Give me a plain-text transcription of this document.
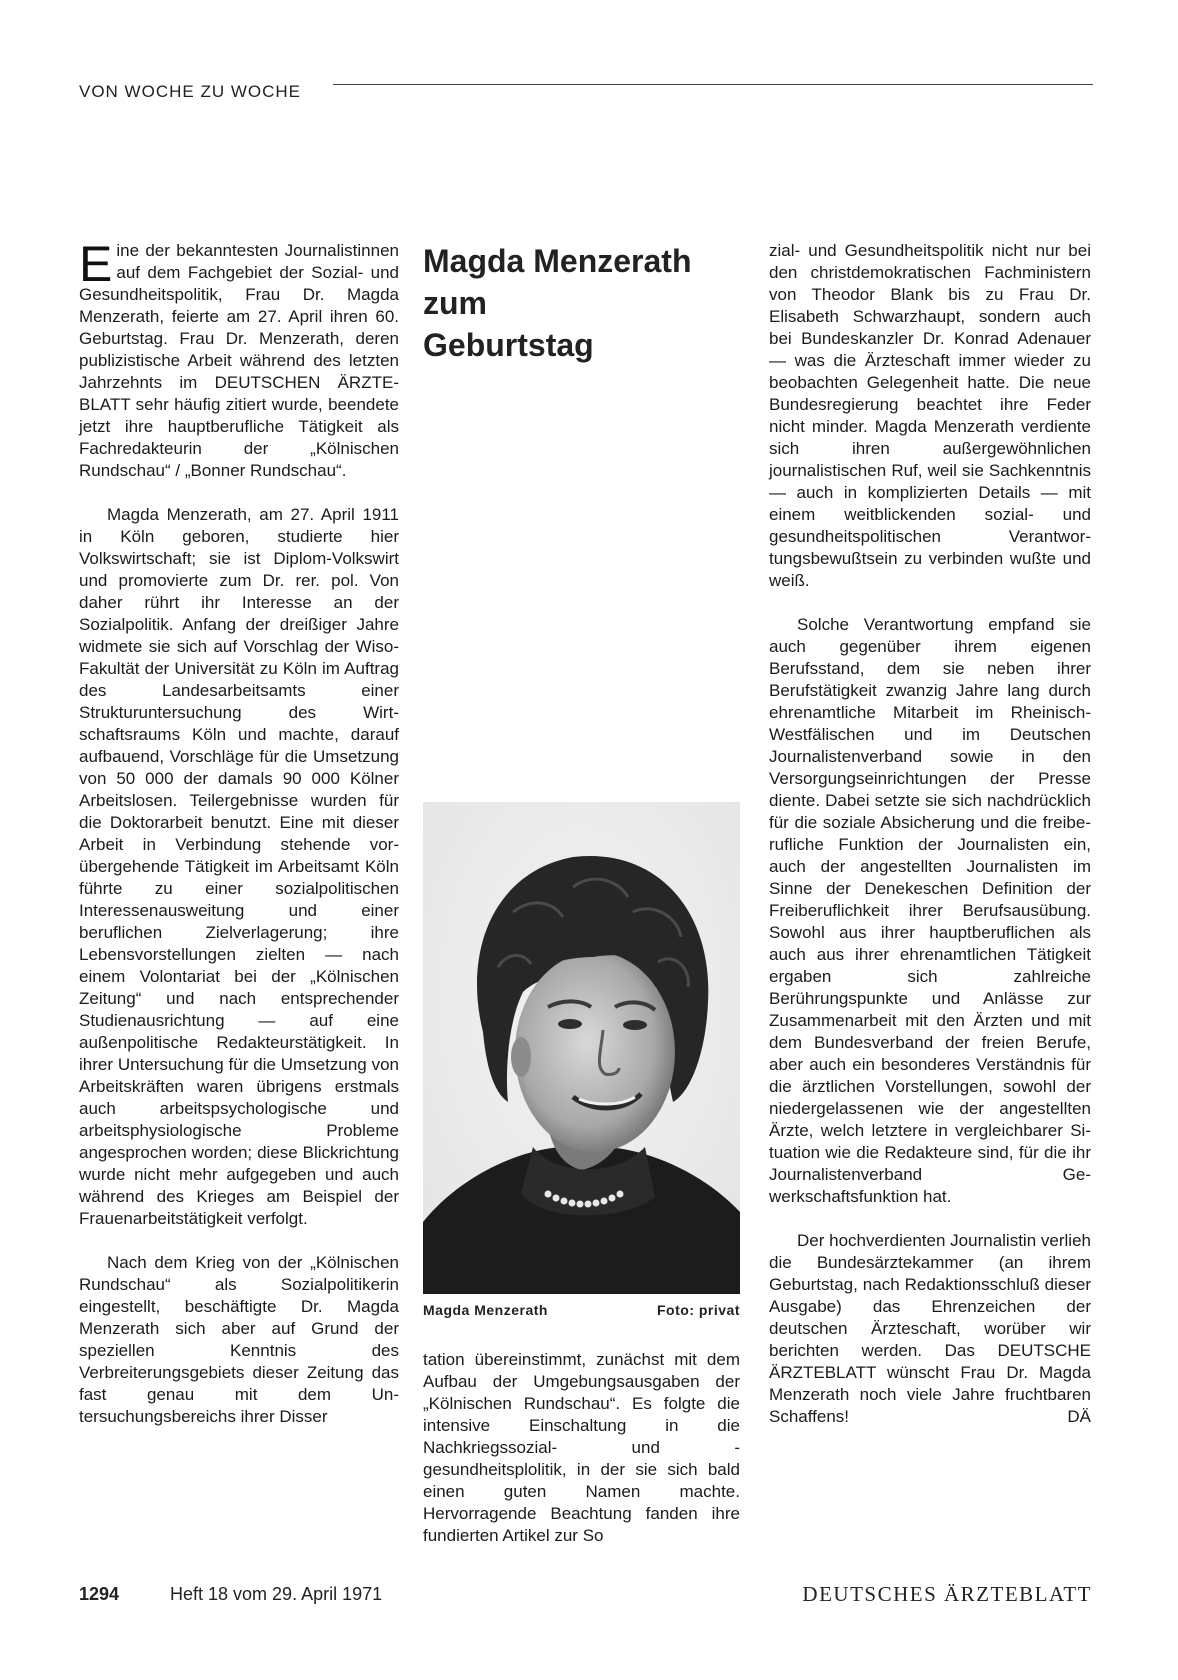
VON WOCHE ZU WOCHE

Eine der bekanntesten Journalistinnen auf dem Fachgebiet der Sozial- und Gesundheitspolitik, Frau Dr. Magda Menzerath, feierte am 27. April ihren 60. Geburtstag. Frau Dr. Menzerath, deren publizistische Arbeit während des letzten Jahrzehnts im DEUTSCHEN ÄRZTEBLATT sehr häufig zitiert wurde, beendete jetzt ihre hauptberufliche Tätigkeit als Fachredakteurin der „Kölnischen Rundschau“ / „Bonner Rundschau“.

Magda Menzerath, am 27. April 1911 in Köln geboren, studierte hier Volkswirtschaft; sie ist Diplom-Volkswirt und promovierte zum Dr. rer. pol. Von daher rührt ihr Interesse an der Sozialpolitik. Anfang der dreißiger Jahre widmete sie sich auf Vorschlag der Wiso-Fakultät der Universität zu Köln im Auftrag des Landesarbeitsamts einer Strukturuntersuchung des Wirtschaftsraums Köln und machte, darauf aufbauend, Vorschläge für die Umsetzung von 50 000 der damals 90 000 Kölner Arbeitslosen. Teilergebnisse wurden für die Doktorarbeit benutzt. Eine mit dieser Arbeit in Verbindung stehende vorübergehende Tätigkeit im Arbeitsamt Köln führte zu einer sozialpolitischen Interessenausweitung und einer beruflichen Zielverlagerung; ihre Lebensvorstellungen zielten — nach einem Volontariat bei der „Kölnischen Zeitung“ und nach entsprechender Studienausrichtung — auf eine außenpolitische Redakteurstätigkeit. In ihrer Untersuchung für die Umsetzung von Arbeitskräften waren übrigens erstmals auch arbeitspsychologische und arbeitsphysiologische Probleme angesprochen worden; diese Blickrichtung wurde nicht mehr aufgegeben und auch während des Krieges am Beispiel der Frauenarbeitstätigkeit verfolgt.

Nach dem Krieg von der „Kölnischen Rundschau“ als Sozialpolitikerin eingestellt, beschäftigte Dr. Magda Menzerath sich aber auf Grund der speziellen Kenntnis des Verbreiterungsgebiets dieser Zeitung das fast genau mit dem Untersuchungsbereichs ihrer Disser

Magda Menzerath
zum
Geburtstag
Magda Menzerath	Foto: privat

tation übereinstimmt, zunächst mit dem Aufbau der Umgebungsausgaben der „Kölnischen Rundschau“. Es folgte die intensive Einschaltung in die Nachkriegssozial- und -gesundheitsplolitik, in der sie sich bald einen guten Namen machte. Hervorragende Beachtung fanden ihre fundierten Artikel zur So

zial- und Gesundheitspolitik nicht nur bei den christdemokratischen Fachministern von Theodor Blank bis zu Frau Dr. Elisabeth Schwarzhaupt, sondern auch bei Bundeskanzler Dr. Konrad Adenauer — was die Ärzteschaft immer wieder zu beobachten Gelegenheit hatte. Die neue Bundesregierung beachtet ihre Feder nicht minder. Magda Menzerath verdiente sich ihren außergewöhnlichen journalistischen Ruf, weil sie Sachkenntnis — auch in komplizierten Details — mit einem weitblickenden sozial- und gesundheitspolitischen Verantwortungsbewußtsein zu verbinden wußte und weiß.

Solche Verantwortung empfand sie auch gegenüber ihrem eigenen Berufsstand, dem sie neben ihrer Berufstätigkeit zwanzig Jahre lang durch ehrenamtliche Mitarbeit im Rheinisch-Westfälischen und im Deutschen Journalistenverband sowie in den Versorgungseinrichtungen der Presse diente. Dabei setzte sie sich nachdrücklich für die soziale Absicherung und die freiberufliche Funktion der Journalisten ein, auch der angestellten Journalisten im Sinne der Denekeschen Definition der Freiberuflichkeit ihrer Berufsausübung. Sowohl aus ihrer hauptberuflichen als auch aus ihrer ehrenamtlichen Tätigkeit ergaben sich zahlreiche Berührungspunkte und Anlässe zur Zusammenarbeit mit den Ärzten und mit dem Bundesverband der freien Berufe, aber auch ein besonderes Verständnis für die ärztlichen Vorstellungen, sowohl der niedergelassenen wie der angestellten Ärzte, welch letztere in vergleichbarer Situation wie die Redakteure sind, für die ihr Journalistenverband Gewerkschaftsfunktion hat.

Der hochverdienten Journalistin verlieh die Bundesärztekammer (an ihrem Geburtstag, nach Redaktionsschluß dieser Ausgabe) das Ehrenzeichen der deutschen Ärzteschaft, worüber wir berichten werden. Das DEUTSCHE ÄRZTEBLATT wünscht Frau Dr. Magda Menzerath noch viele Jahre fruchtbaren Schaffens!	DÄ

1294	Heft 18 vom 29. April 1971	DEUTSCHES ÄRZTEBLATT
